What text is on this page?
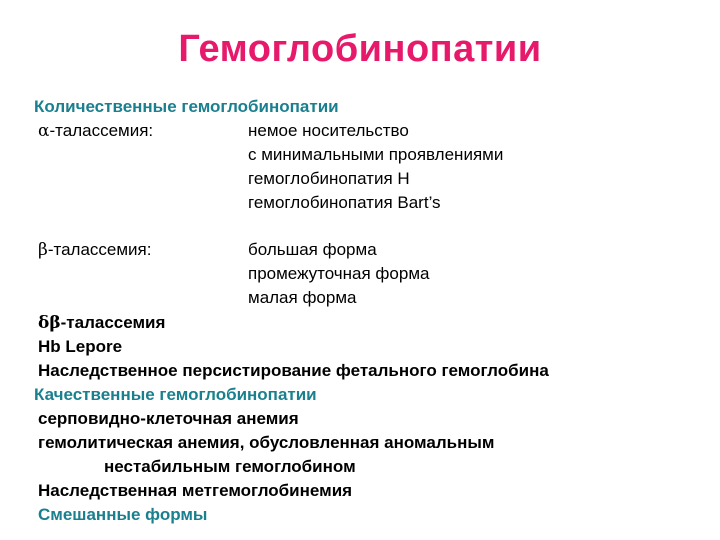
Гемоглобинопатии
Количественные гемоглобинопатии
α-талассемия:	немое носительство
с минимальными проявлениями
гемоглобинопатия H
гемоглобинопатия Bart’s
β-талассемия:	большая форма
промежуточная форма
малая форма
δβ-талассемия
Hb Lepore
Наследственное персистирование фетального гемоглобина
Качественные гемоглобинопатии
серповидно-клеточная анемия
гемолитическая анемия, обусловленная аномальным
нестабильным гемоглобином
Наследственная метгемоглобинемия
Смешанные формы
